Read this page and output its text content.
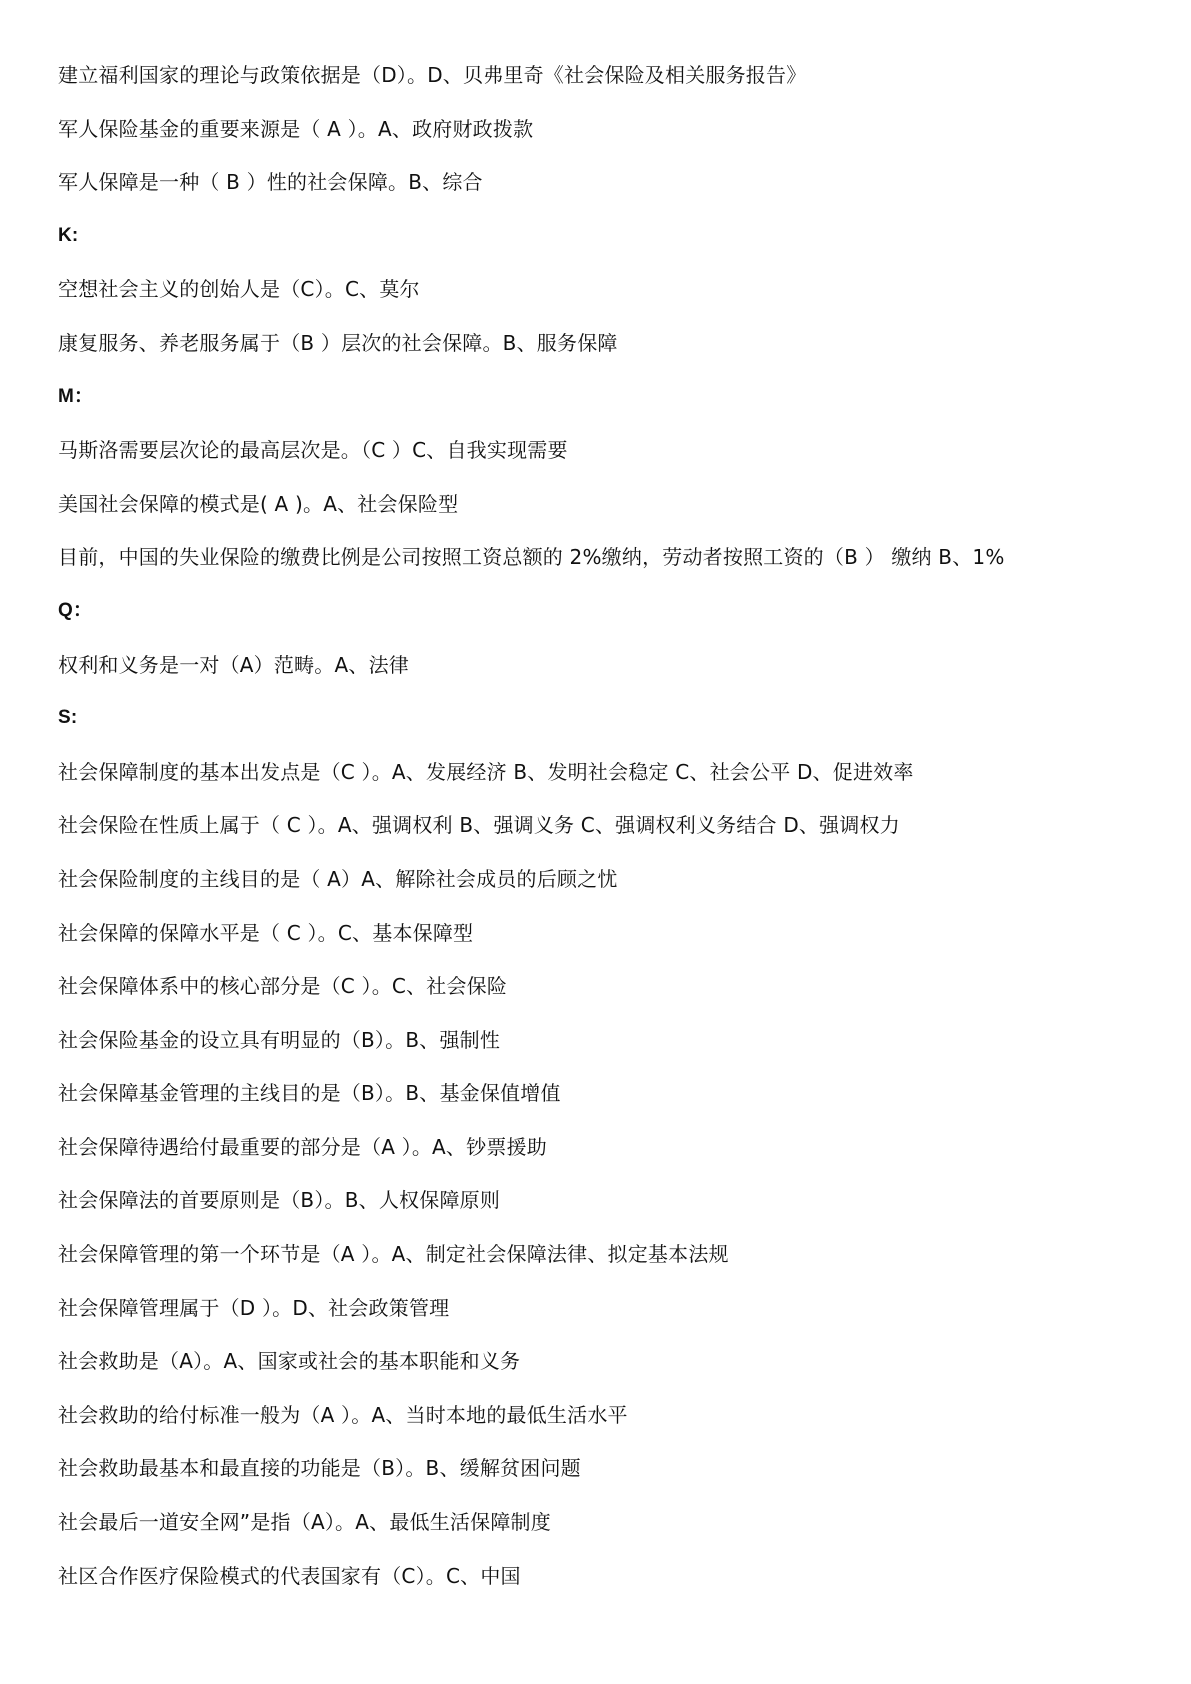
建立福利国家的理论与政策依据是（D）。D、贝弗里奇《社会保险及相关服务报告》
军人保险基金的重要来源是（ A ）。A、政府财政拨款
军人保障是一种（ B ）性的社会保障。B、综合
K:
空想社会主义的创始人是（C）。C、莫尔
康复服务、养老服务属于（B ）层次的社会保障。B、服务保障
M：
马斯洛需要层次论的最高层次是。（C ）C、自我实现需要
美国社会保障的模式是( A )。A、社会保险型
目前，中国的失业保险的缴费比例是公司按照工资总额的 2%缴纳，劳动者按照工资的（B ） 缴纳 B、1%
Q：
权利和义务是一对（A）范畴。A、法律
S:
社会保障制度的基本出发点是（C ）。A、发展经济 B、发明社会稳定 C、社会公平 D、促进效率
社会保险在性质上属于（ C ）。A、强调权利 B、强调义务 C、强调权利义务结合 D、强调权力
社会保险制度的主线目的是（ A）A、解除社会成员的后顾之忧
社会保障的保障水平是（ C ）。C、基本保障型
社会保障体系中的核心部分是（C ）。C、社会保险
社会保险基金的设立具有明显的（B）。B、强制性
社会保障基金管理的主线目的是（B）。B、基金保值增值
社会保障待遇给付最重要的部分是（A ）。A、钞票援助
社会保障法的首要原则是（B）。B、人权保障原则
社会保障管理的第一个环节是（A ）。A、制定社会保障法律、拟定基本法规
社会保障管理属于（D ）。D、社会政策管理
社会救助是（A）。A、国家或社会的基本职能和义务
社会救助的给付标准一般为（A ）。A、当时本地的最低生活水平
社会救助最基本和最直接的功能是（B）。B、缓解贫困问题
社会最后一道安全网”是指（A）。A、最低生活保障制度
社区合作医疗保险模式的代表国家有（C）。C、中国
